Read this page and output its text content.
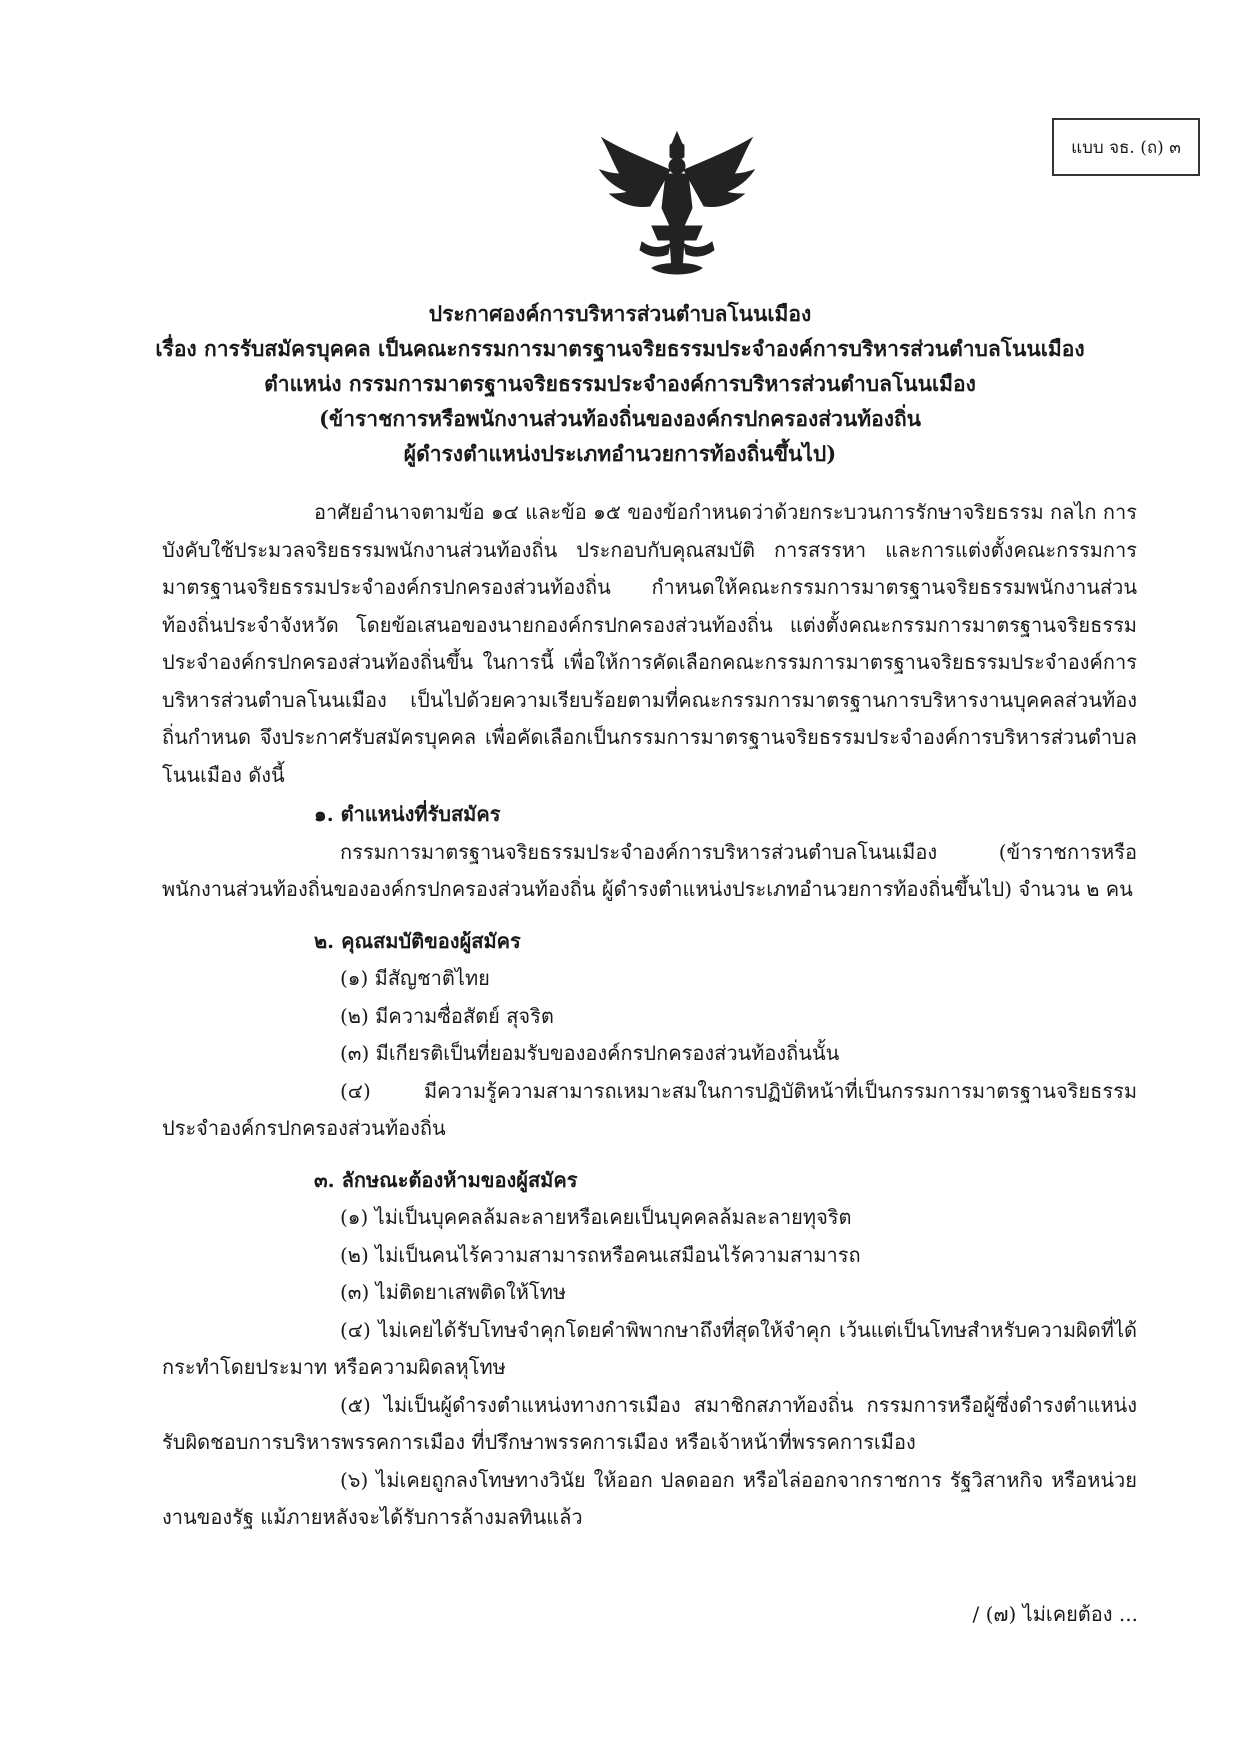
แบบ จธ. (ถ) ๓
ประกาศองค์การบริหารส่วนตำบลโนนเมือง
เรื่อง การรับสมัครบุคคล เป็นคณะกรรมการมาตรฐานจริยธรรมประจำองค์การบริหารส่วนตำบลโนนเมือง
ตำแหน่ง กรรมการมาตรฐานจริยธรรมประจำองค์การบริหารส่วนตำบลโนนเมือง
(ข้าราชการหรือพนักงานส่วนท้องถิ่นขององค์กรปกครองส่วนท้องถิ่น
ผู้ดำรงตำแหน่งประเภทอำนวยการท้องถิ่นขึ้นไป)

อาศัยอำนาจตามข้อ ๑๔ และข้อ ๑๕ ของข้อกำหนดว่าด้วยกระบวนการรักษาจริยธรรม กลไก การบังคับใช้ประมวลจริยธรรมพนักงานส่วนท้องถิ่น ประกอบกับคุณสมบัติ การสรรหา และการแต่งตั้งคณะกรรมการมาตรฐานจริยธรรมประจำองค์กรปกครองส่วนท้องถิ่น กำหนดให้คณะกรรมการมาตรฐานจริยธรรมพนักงานส่วนท้องถิ่นประจำจังหวัด โดยข้อเสนอของนายกองค์กรปกครองส่วนท้องถิ่น แต่งตั้งคณะกรรมการมาตรฐานจริยธรรมประจำองค์กรปกครองส่วนท้องถิ่นขึ้น ในการนี้ เพื่อให้การคัดเลือกคณะกรรมการมาตรฐานจริยธรรมประจำองค์การบริหารส่วนตำบลโนนเมือง เป็นไปด้วยความเรียบร้อยตามที่คณะกรรมการมาตรฐานการบริหารงานบุคคลส่วนท้องถิ่นกำหนด จึงประกาศรับสมัครบุคคล เพื่อคัดเลือกเป็นกรรมการมาตรฐานจริยธรรมประจำองค์การบริหารส่วนตำบลโนนเมือง ดังนี้

๑. ตำแหน่งที่รับสมัคร

กรรมการมาตรฐานจริยธรรมประจำองค์การบริหารส่วนตำบลโนนเมือง (ข้าราชการหรือพนักงานส่วนท้องถิ่นขององค์กรปกครองส่วนท้องถิ่น ผู้ดำรงตำแหน่งประเภทอำนวยการท้องถิ่นขึ้นไป) จำนวน ๒ คน

๒. คุณสมบัติของผู้สมัคร

(๑) มีสัญชาติไทย

(๒) มีความซื่อสัตย์ สุจริต

(๓) มีเกียรติเป็นที่ยอมรับขององค์กรปกครองส่วนท้องถิ่นนั้น

(๔) มีความรู้ความสามารถเหมาะสมในการปฏิบัติหน้าที่เป็นกรรมการมาตรฐานจริยธรรมประจำองค์กรปกครองส่วนท้องถิ่น

๓. ลักษณะต้องห้ามของผู้สมัคร

(๑) ไม่เป็นบุคคลล้มละลายหรือเคยเป็นบุคคลล้มละลายทุจริต

(๒) ไม่เป็นคนไร้ความสามารถหรือคนเสมือนไร้ความสามารถ

(๓) ไม่ติดยาเสพติดให้โทษ

(๔) ไม่เคยได้รับโทษจำคุกโดยคำพิพากษาถึงที่สุดให้จำคุก เว้นแต่เป็นโทษสำหรับความผิดที่ได้กระทำโดยประมาท หรือความผิดลหุโทษ

(๕) ไม่เป็นผู้ดำรงตำแหน่งทางการเมือง สมาชิกสภาท้องถิ่น กรรมการหรือผู้ซึ่งดำรงตำแหน่งรับผิดชอบการบริหารพรรคการเมือง ที่ปรึกษาพรรคการเมือง หรือเจ้าหน้าที่พรรคการเมือง

(๖) ไม่เคยถูกลงโทษทางวินัย ให้ออก ปลดออก หรือไล่ออกจากราชการ รัฐวิสาหกิจ หรือหน่วยงานของรัฐ แม้ภายหลังจะได้รับการล้างมลทินแล้ว

/ (๗) ไม่เคยต้อง ...
